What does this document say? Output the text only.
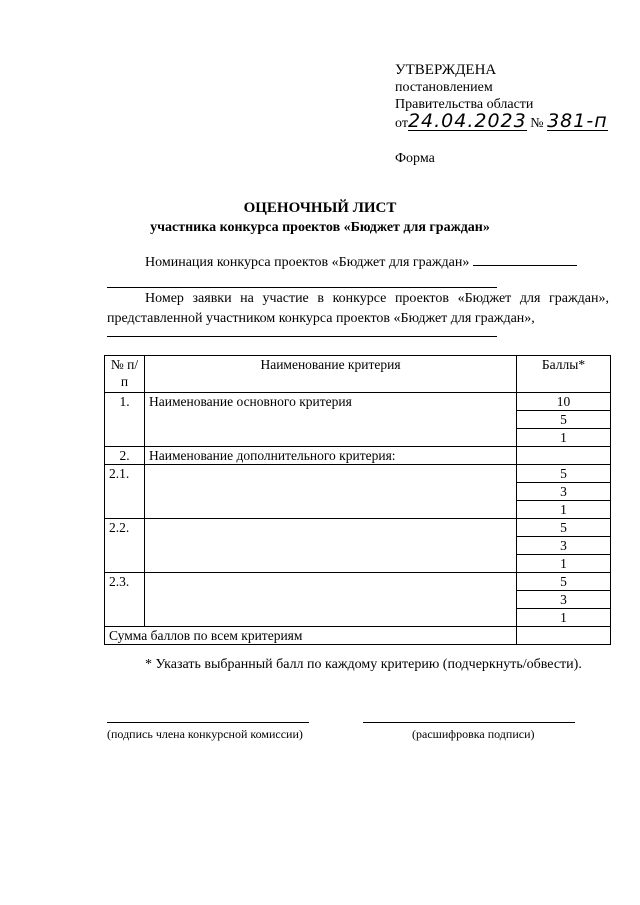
УТВЕРЖДЕНА
постановлением
Правительства области
от24.04.2023 № 381-п
Форма
ОЦЕНОЧНЫЙ ЛИСТ
участника конкурса проектов «Бюджет для граждан»
Номинация конкурса проектов «Бюджет для граждан»
Номер заявки на участие в конкурсе проектов «Бюджет для граждан», представленной участником конкурса проектов «Бюджет для граждан»,
№ п/п	Наименование критерия	Баллы*
1.	Наименование основного критерия	10
		5
		1
2.	Наименование дополнительного критерия:	
2.1.		5
		3
		1
2.2.		5
		3
		1
2.3.		5
		3
		1
Сумма баллов по всем критериям		
* Указать выбранный балл по каждому критерию (подчеркнуть/обвести).
(подпись члена конкурсной комиссии)	(расшифровка подписи)
